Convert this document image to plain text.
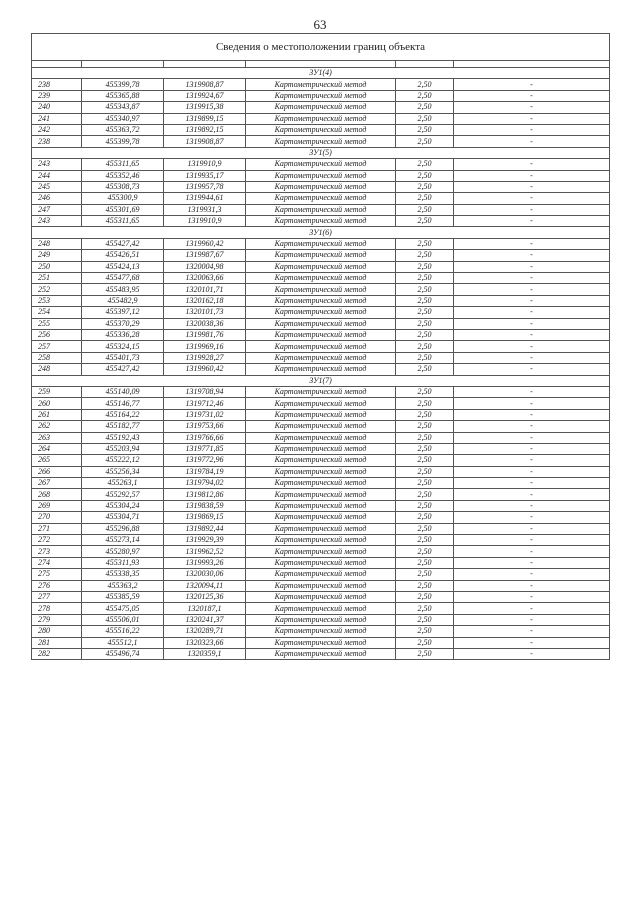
63
Сведения о местоположении границ объекта					

ЗУ1(4)					
238	455399,78	1319908,87	Картометрический метод	2,50	-
239	455365,88	1319924,67	Картометрический метод	2,50	-
240	455343,87	1319915,38	Картометрический метод	2,50	-
241	455340,97	1319899,15	Картометрический метод	2,50	-
242	455363,72	1319892,15	Картометрический метод	2,50	-
238	455399,78	1319908,87	Картометрический метод	2,50	-
ЗУ1(5)					
243	455311,65	1319910,9	Картометрический метод	2,50	-
244	455352,46	1319935,17	Картометрический метод	2,50	-
245	455308,73	1319957,78	Картометрический метод	2,50	-
246	455300,9	1319944,61	Картометрический метод	2,50	-
247	455301,69	1319931,3	Картометрический метод	2,50	-
243	455311,65	1319910,9	Картометрический метод	2,50	-
ЗУ1(6)					
248	455427,42	1319960,42	Картометрический метод	2,50	-
249	455426,51	1319987,67	Картометрический метод	2,50	-
250	455424,13	1320004,98	Картометрический метод	2,50	-
251	455477,68	1320063,66	Картометрический метод	2,50	-
252	455483,95	1320101,71	Картометрический метод	2,50	-
253	455482,9	1320162,18	Картометрический метод	2,50	-
254	455397,12	1320101,73	Картометрический метод	2,50	-
255	455370,29	1320038,36	Картометрический метод	2,50	-
256	455336,28	1319981,76	Картометрический метод	2,50	-
257	455324,15	1319969,16	Картометрический метод	2,50	-
258	455401,73	1319928,27	Картометрический метод	2,50	-
248	455427,42	1319960,42	Картометрический метод	2,50	-
ЗУ1(7)					
259	455140,09	1319708,94	Картометрический метод	2,50	-
260	455146,77	1319712,46	Картометрический метод	2,50	-
261	455164,22	1319731,02	Картометрический метод	2,50	-
262	455182,77	1319753,66	Картометрический метод	2,50	-
263	455192,43	1319766,66	Картометрический метод	2,50	-
264	455203,94	1319771,85	Картометрический метод	2,50	-
265	455222,12	1319772,96	Картометрический метод	2,50	-
266	455256,34	1319784,19	Картометрический метод	2,50	-
267	455263,1	1319794,02	Картометрический метод	2,50	-
268	455292,57	1319812,86	Картометрический метод	2,50	-
269	455304,24	1319838,59	Картометрический метод	2,50	-
270	455304,71	1319869,15	Картометрический метод	2,50	-
271	455296,88	1319892,44	Картометрический метод	2,50	-
272	455273,14	1319929,39	Картометрический метод	2,50	-
273	455280,97	1319962,52	Картометрический метод	2,50	-
274	455311,93	1319993,26	Картометрический метод	2,50	-
275	455338,35	1320030,06	Картометрический метод	2,50	-
276	455363,2	1320094,11	Картометрический метод	2,50	-
277	455385,59	1320125,36	Картометрический метод	2,50	-
278	455475,05	1320187,1	Картометрический метод	2,50	-
279	455506,01	1320241,37	Картометрический метод	2,50	-
280	455516,22	1320289,71	Картометрический метод	2,50	-
281	455512,1	1320323,66	Картометрический метод	2,50	-
282	455496,74	1320359,1	Картометрический метод	2,50	-
